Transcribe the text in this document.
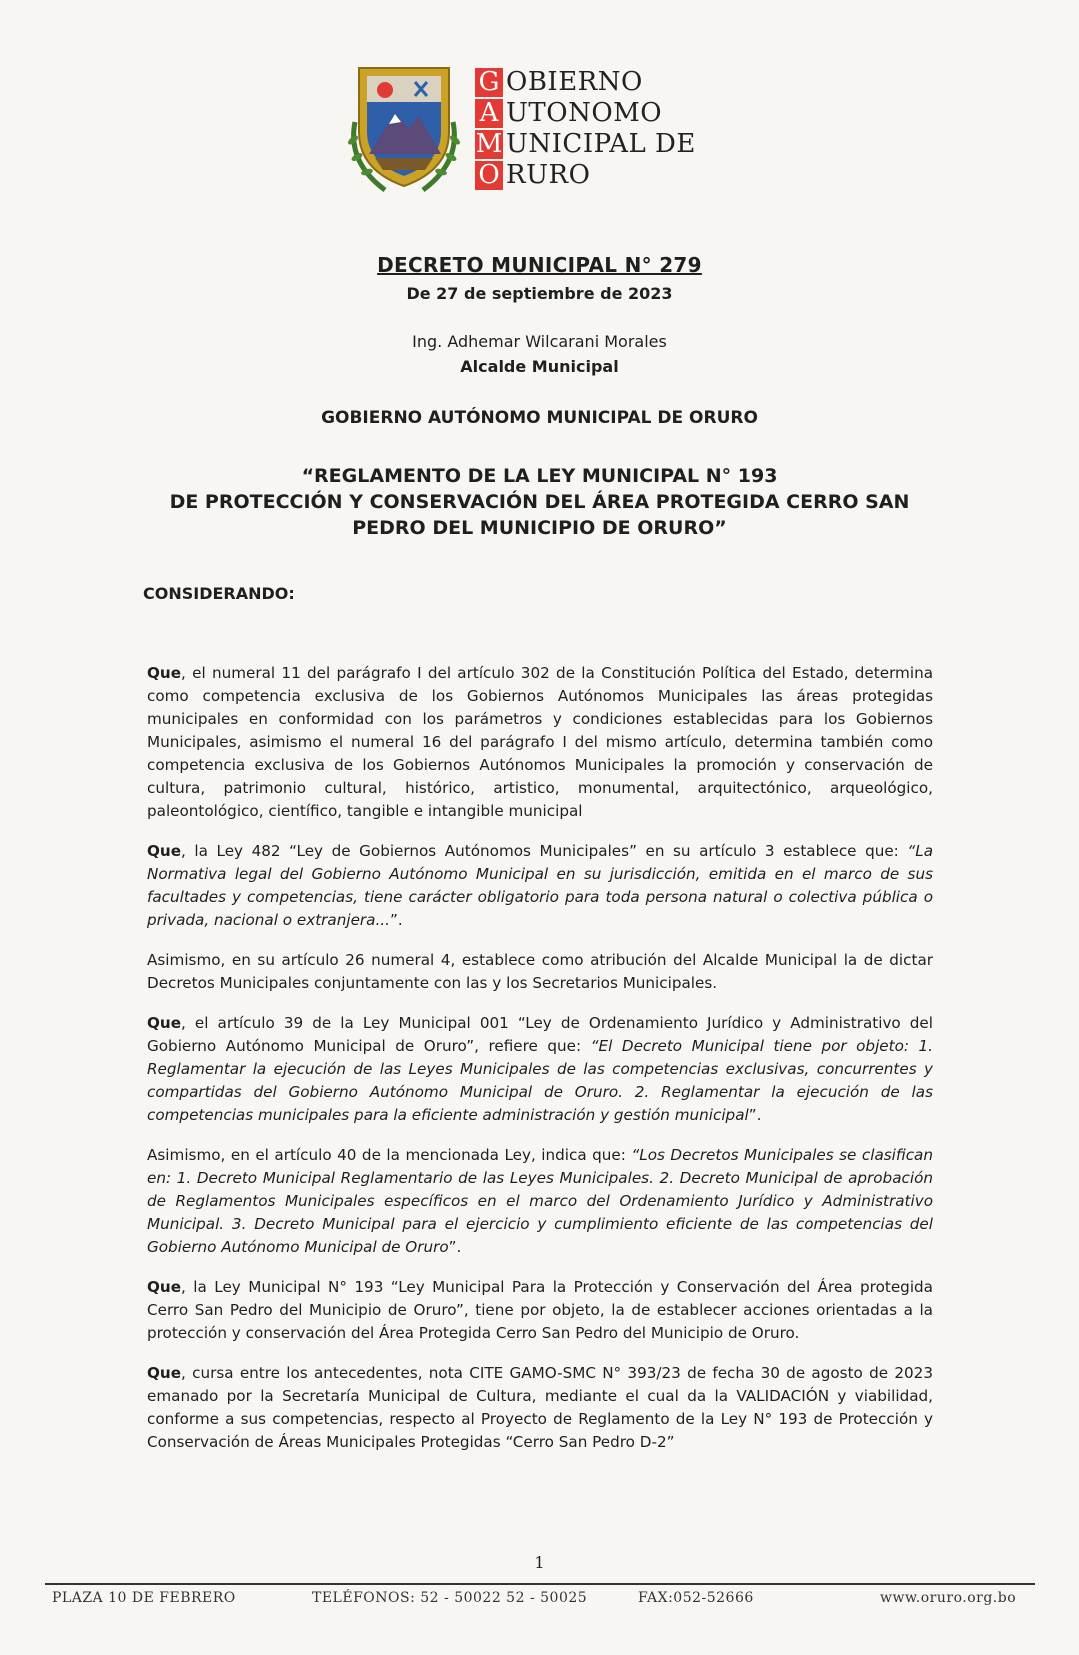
G
A
M
O
OBIERNO
UTONOMO
UNICIPAL DE
RURO
DECRETO MUNICIPAL N° 279
De 27 de septiembre de 2023
Ing. Adhemar Wilcarani Morales
Alcalde Municipal
GOBIERNO AUTÓNOMO MUNICIPAL DE ORURO
“REGLAMENTO DE LA LEY MUNICIPAL N° 193
DE PROTECCIÓN Y CONSERVACIÓN DEL ÁREA PROTEGIDA CERRO SAN
PEDRO DEL MUNICIPIO DE ORURO”
CONSIDERANDO:

Que, el numeral 11 del parágrafo I del artículo 302 de la Constitución Política del Estado, determina como competencia exclusiva de los Gobiernos Autónomos Municipales las áreas protegidas municipales en conformidad con los parámetros y condiciones establecidas para los Gobiernos Municipales, asimismo el numeral 16 del parágrafo I del mismo artículo, determina también como competencia exclusiva de los Gobiernos Autónomos Municipales la promoción y conservación de cultura, patrimonio cultural, histórico, artistico, monumental, arquitectónico, arqueológico, paleontológico, científico, tangible e intangible municipal

Que, la Ley 482 “Ley de Gobiernos Autónomos Municipales” en su artículo 3 establece que: “La Normativa legal del Gobierno Autónomo Municipal en su jurisdicción, emitida en el marco de sus facultades y competencias, tiene carácter obligatorio para toda persona natural o colectiva pública o privada, nacional o extranjera...”.

Asimismo, en su artículo 26 numeral 4, establece como atribución del Alcalde Municipal la de dictar Decretos Municipales conjuntamente con las y los Secretarios Municipales.

Que, el artículo 39 de la Ley Municipal 001 “Ley de Ordenamiento Jurídico y Administrativo del Gobierno Autónomo Municipal de Oruro”, refiere que: “El Decreto Municipal tiene por objeto: 1. Reglamentar la ejecución de las Leyes Municipales de las competencias exclusivas, concurrentes y compartidas del Gobierno Autónomo Municipal de Oruro. 2. Reglamentar la ejecución de las competencias municipales para la eficiente administración y gestión municipal”.

Asimismo, en el artículo 40 de la mencionada Ley, indica que: “Los Decretos Municipales se clasifican en: 1. Decreto Municipal Reglamentario de las Leyes Municipales. 2. Decreto Municipal de aprobación de Reglamentos Municipales específicos en el marco del Ordenamiento Jurídico y Administrativo Municipal. 3. Decreto Municipal para el ejercicio y cumplimiento eficiente de las competencias del Gobierno Autónomo Municipal de Oruro”.

Que, la Ley Municipal N° 193 “Ley Municipal Para la Protección y Conservación del Área protegida Cerro San Pedro del Municipio de Oruro”, tiene por objeto, la de establecer acciones orientadas a la protección y conservación del Área Protegida Cerro San Pedro del Municipio de Oruro.

Que, cursa entre los antecedentes, nota CITE GAMO-SMC N° 393/23 de fecha 30 de agosto de 2023 emanado por la Secretaría Municipal de Cultura, mediante el cual da la VALIDACIÓN y viabilidad, conforme a sus competencias, respecto al Proyecto de Reglamento de la Ley N° 193 de Protección y Conservación de Áreas Municipales Protegidas “Cerro San Pedro D-2”

1
PLAZA 10 DE FEBRERO	TELÉFONOS: 52 - 50022 52 - 50025	FAX:052-52666	www.oruro.org.bo
